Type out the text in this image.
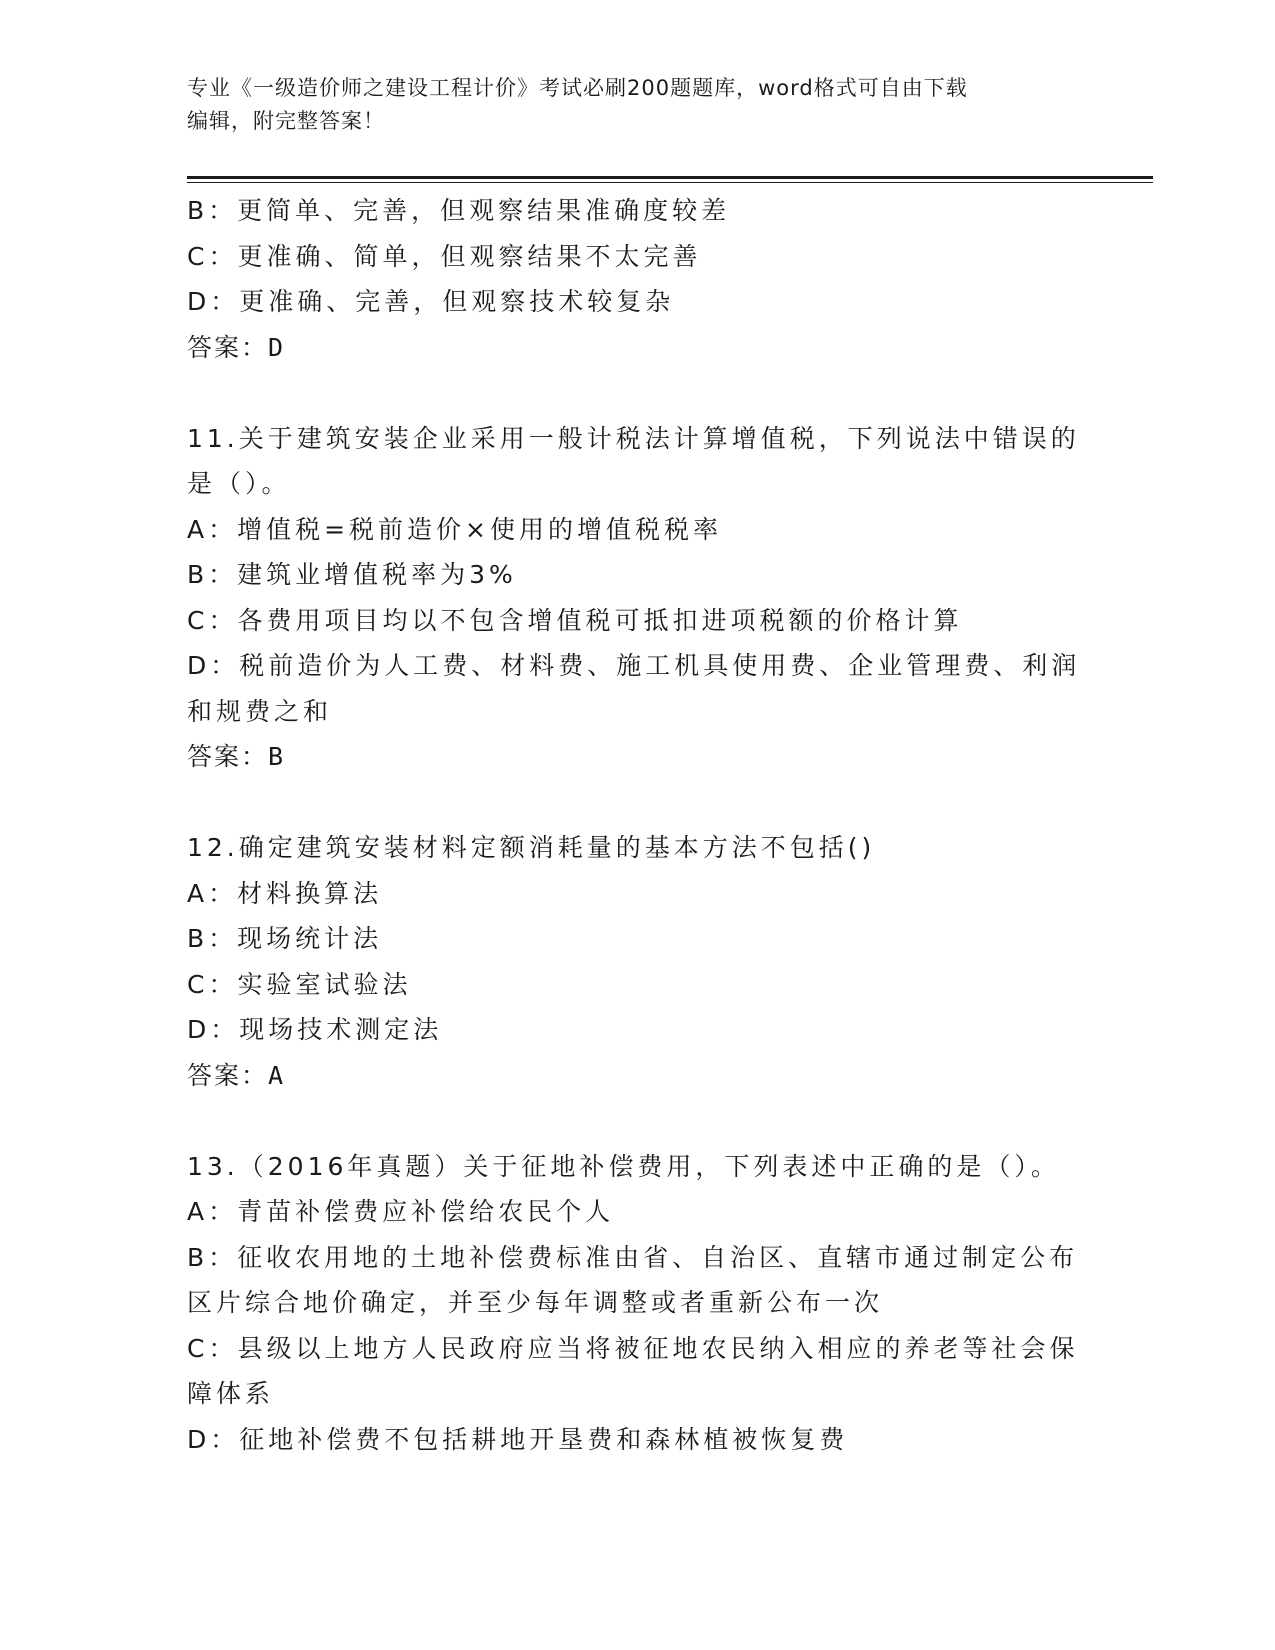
专业《一级造价师之建设工程计价》考试必刷200题题库，word格式可自由下载
编辑，附完整答案！
B：更简单、完善，但观察结果准确度较差
C：更准确、简单，但观察结果不太完善
D：更准确、完善，但观察技术较复杂
答案：D
11.关于建筑安装企业采用一般计税法计算增值税，下列说法中错误的
是（）。
A：增值税=税前造价×使用的增值税税率
B：建筑业增值税率为3%
C：各费用项目均以不包含增值税可抵扣进项税额的价格计算
D：税前造价为人工费、材料费、施工机具使用费、企业管理费、利润
和规费之和
答案：B
12.确定建筑安装材料定额消耗量的基本方法不包括()
A：材料换算法
B：现场统计法
C：实验室试验法
D：现场技术测定法
答案：A
13.（2016年真题）关于征地补偿费用，下列表述中正确的是（）。
A：青苗补偿费应补偿给农民个人
B：征收农用地的土地补偿费标准由省、自治区、直辖市通过制定公布
区片综合地价确定，并至少每年调整或者重新公布一次
C：县级以上地方人民政府应当将被征地农民纳入相应的养老等社会保
障体系
D：征地补偿费不包括耕地开垦费和森林植被恢复费
